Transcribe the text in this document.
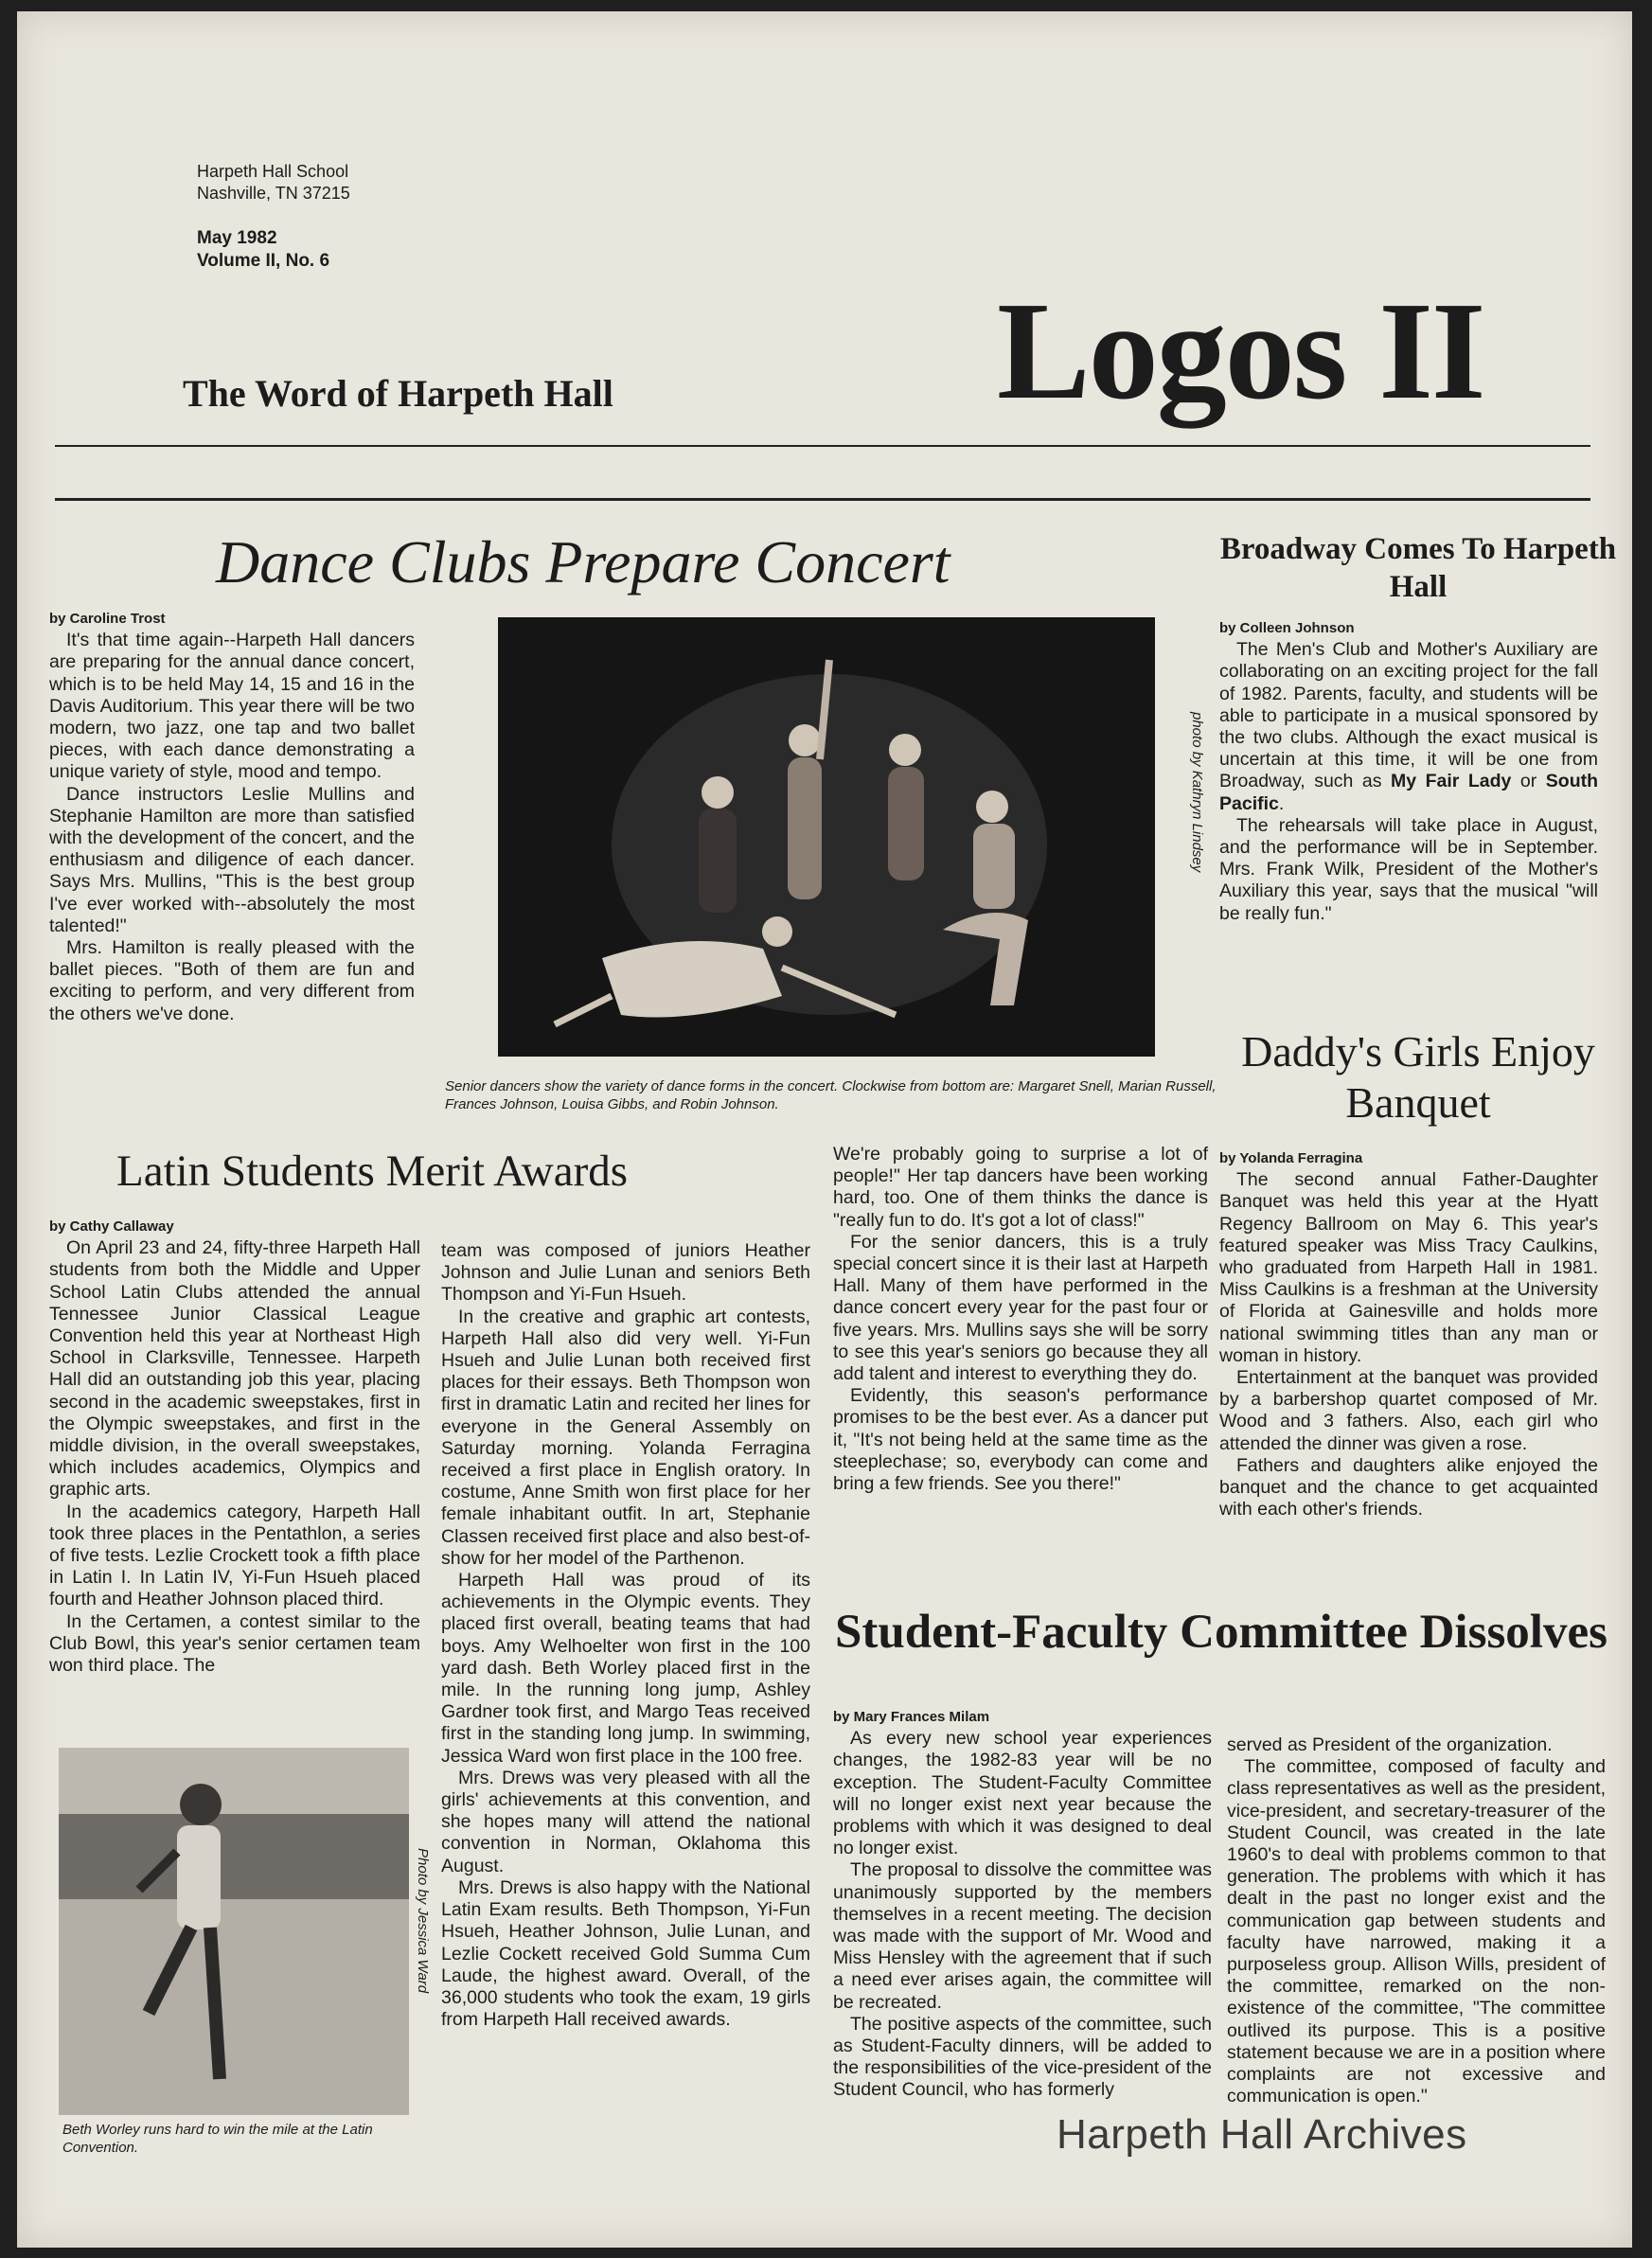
Harpeth Hall School
Nashville, TN 37215
May 1982
Volume II, No. 6
The Word of Harpeth Hall	Logos II
Dance Clubs Prepare Concert
by Caroline Trost

It's that time again--Harpeth Hall dancers are preparing for the annual dance concert, which is to be held May 14, 15 and 16 in the Davis Auditorium. This year there will be two modern, two jazz, one tap and two ballet pieces, with each dance demonstrating a unique variety of style, mood and tempo.

Dance instructors Leslie Mullins and Stephanie Hamilton are more than satisfied with the development of the concert, and the enthusiasm and diligence of each dancer. Says Mrs. Mullins, "This is the best group I've ever worked with--absolutely the most talented!"

Mrs. Hamilton is really pleased with the ballet pieces. "Both of them are fun and exciting to perform, and very different from the others we've done.

photo by Kathryn Lindsey
Senior dancers show the variety of dance forms in the concert. Clockwise from bottom are: Margaret Snell, Marian Russell, Frances Johnson, Louisa Gibbs, and Robin Johnson.
Broadway Comes To Harpeth Hall
by Colleen Johnson

The Men's Club and Mother's Auxiliary are collaborating on an exciting project for the fall of 1982. Parents, faculty, and students will be able to participate in a musical sponsored by the two clubs. Although the exact musical is uncertain at this time, it will be one from Broadway, such as My Fair Lady or South Pacific.

The rehearsals will take place in August, and the performance will be in September. Mrs. Frank Wilk, President of the Mother's Auxiliary this year, says that the musical "will be really fun."

Daddy's Girls Enjoy Banquet
by Yolanda Ferragina

The second annual Father-Daughter Banquet was held this year at the Hyatt Regency Ballroom on May 6. This year's featured speaker was Miss Tracy Caulkins, who graduated from Harpeth Hall in 1981. Miss Caulkins is a freshman at the University of Florida at Gainesville and holds more national swimming titles than any man or woman in history.

Entertainment at the banquet was provided by a barbershop quartet composed of Mr. Wood and 3 fathers. Also, each girl who attended the dinner was given a rose.

Fathers and daughters alike enjoyed the banquet and the chance to get acquainted with each other's friends.

Latin Students Merit Awards
by Cathy Callaway

On April 23 and 24, fifty-three Harpeth Hall students from both the Middle and Upper School Latin Clubs attended the annual Tennessee Junior Classical League Convention held this year at Northeast High School in Clarksville, Tennessee. Harpeth Hall did an outstanding job this year, placing second in the academic sweepstakes, first in the Olympic sweepstakes, and first in the middle division, in the overall sweepstakes, which includes academics, Olympics and graphic arts.

In the academics category, Harpeth Hall took three places in the Pentathlon, a series of five tests. Lezlie Crockett took a fifth place in Latin I. In Latin IV, Yi-Fun Hsueh placed fourth and Heather Johnson placed third.

In the Certamen, a contest similar to the Club Bowl, this year's senior certamen team won third place. The

Photo by Jessica Ward
Beth Worley runs hard to win the mile at the Latin Convention.

team was composed of juniors Heather Johnson and Julie Lunan and seniors Beth Thompson and Yi-Fun Hsueh.

In the creative and graphic art contests, Harpeth Hall also did very well. Yi-Fun Hsueh and Julie Lunan both received first places for their essays. Beth Thompson won first in dramatic Latin and recited her lines for everyone in the General Assembly on Saturday morning. Yolanda Ferragina received a first place in English oratory. In costume, Anne Smith won first place for her female inhabitant outfit. In art, Stephanie Classen received first place and also best-of-show for her model of the Parthenon.

Harpeth Hall was proud of its achievements in the Olympic events. They placed first overall, beating teams that had boys. Amy Welhoelter won first in the 100 yard dash. Beth Worley placed first in the mile. In the running long jump, Ashley Gardner took first, and Margo Teas received first in the standing long jump. In swimming, Jessica Ward won first place in the 100 free.

Mrs. Drews was very pleased with all the girls' achievements at this convention, and she hopes many will attend the national convention in Norman, Oklahoma this August.

Mrs. Drews is also happy with the National Latin Exam results. Beth Thompson, Yi-Fun Hsueh, Heather Johnson, Julie Lunan, and Lezlie Cockett received Gold Summa Cum Laude, the highest award. Overall, of the 36,000 students who took the exam, 19 girls from Harpeth Hall received awards.

We're probably going to surprise a lot of people!" Her tap dancers have been working hard, too. One of them thinks the dance is "really fun to do. It's got a lot of class!"

For the senior dancers, this is a truly special concert since it is their last at Harpeth Hall. Many of them have performed in the dance concert every year for the past four or five years. Mrs. Mullins says she will be sorry to see this year's seniors go because they all add talent and interest to everything they do.

Evidently, this season's performance promises to be the best ever. As a dancer put it, "It's not being held at the same time as the steeplechase; so, everybody can come and bring a few friends. See you there!"

Student-Faculty Committee Dissolves
by Mary Frances Milam

As every new school year experiences changes, the 1982-83 year will be no exception. The Student-Faculty Committee will no longer exist next year because the problems with which it was designed to deal no longer exist.

The proposal to dissolve the committee was unanimously supported by the members themselves in a recent meeting. The decision was made with the support of Mr. Wood and Miss Hensley with the agreement that if such a need ever arises again, the committee will be recreated.

The positive aspects of the committee, such as Student-Faculty dinners, will be added to the responsibilities of the vice-president of the Student Council, who has formerly

served as President of the organization.

The committee, composed of faculty and class representatives as well as the president, vice-president, and secretary-treasurer of the Student Council, was created in the late 1960's to deal with problems common to that generation. The problems with which it has dealt in the past no longer exist and the communication gap between students and faculty have narrowed, making it a purposeless group. Allison Wills, president of the committee, remarked on the non-existence of the committee, "The committee outlived its purpose. This is a positive statement because we are in a position where complaints are not excessive and communication is open."

Harpeth Hall Archives
